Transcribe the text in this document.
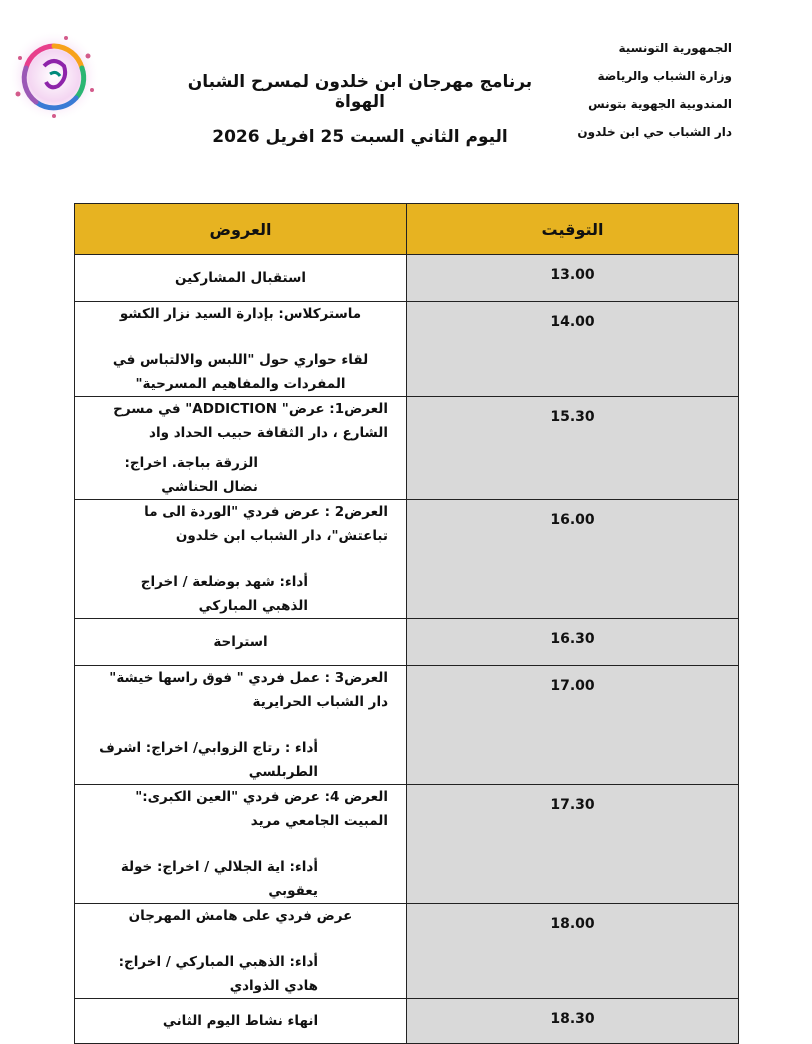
الجمهورية التونسية
وزارة الشباب والرياضة
المندوبية الجهوية بتونس
دار الشباب حي ابن خلدون
برنامج مهرجان ابن خلدون لمسرح الشبان الهواة
اليوم الثاني السبت 25 افريل 2026
التوقيت	العروض
13.00	استقبال المشاركين

14.00	ماستركلاس: بإدارة السيد نزار الكشو
لقاء حواري حول "اللبس والالتباس في المفردات والمفاهيم المسرحية"

15.30	العرض1: عرض" ADDICTION" في مسرح الشارع ، دار الثقافة حبيب الحداد واد
الزرقة بباجة. اخراج: نضال الحناشي

16.00	العرض2 : عرض فردي "الوردة الى ما تباعتش"، دار الشباب ابن خلدون
أداء: شهد بوضلعة / اخراج الذهبي المباركي

16.30	استراحة

17.00	العرض3 : عمل فردي " فوق راسها خيشة" دار الشباب الحرايرية
أداء : رتاج الزوابي/ اخراج: اشرف الطربلسي

17.30	العرض 4: عرض فردي "العين الكبرى:" المبيت الجامعي مريد
أداء: اية الجلالي / اخراج: خولة يعقوبي

18.00	عرض فردي على هامش المهرجان
أداء: الذهبي المباركي / اخراج: هادي الذوادي

18.30	انهاء نشاط اليوم الثاني
